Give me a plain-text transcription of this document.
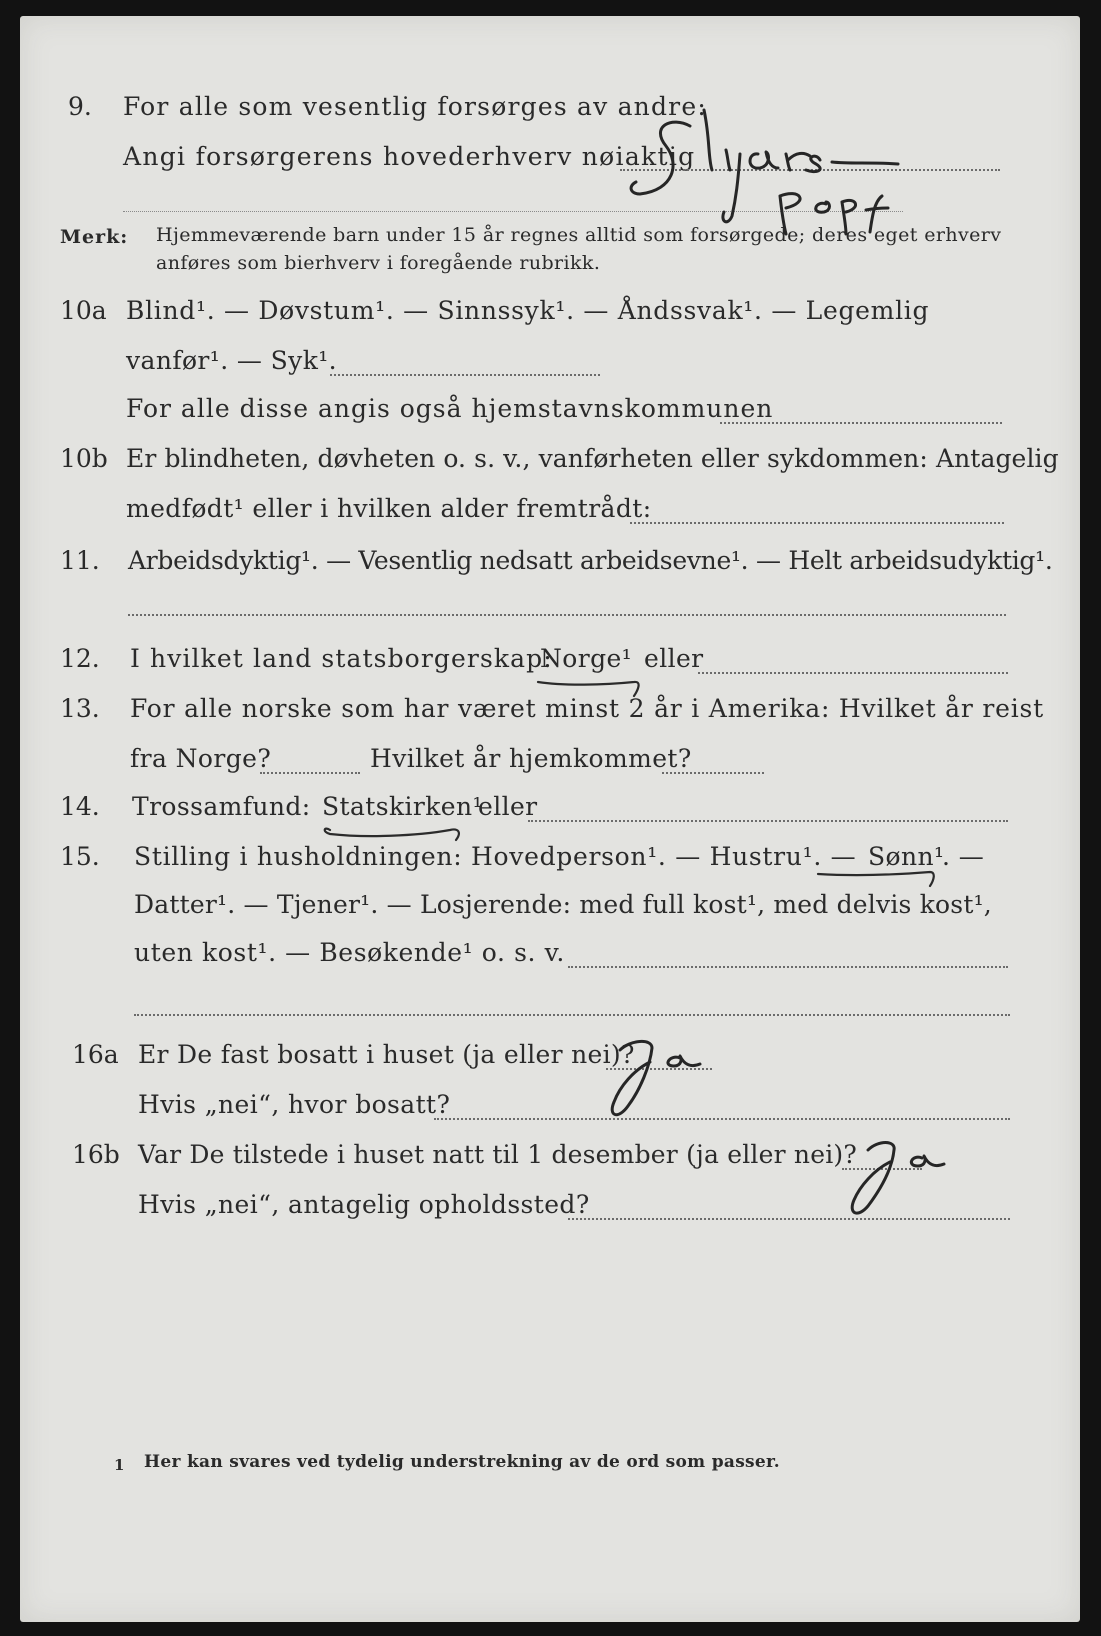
9. For alle som vesentlig forsørges av andre:
Angi forsørgerens hovederhverv nøiaktig
Merk: Hjemmeværende barn under 15 år regnes alltid som forsørgede; deres eget erhverv
anføres som bierhverv i foregående rubrikk.
10a Blind¹. — Døvstum¹. — Sinnssyk¹. — Åndssvak¹. — Legemlig
vanfør¹. — Syk¹.
For alle disse angis også hjemstavnskommunen
10b Er blindheten, døvheten o. s. v., vanførheten eller sykdommen: Antagelig
medfødt¹ eller i hvilken alder fremtrådt:
11. Arbeidsdyktig¹. — Vesentlig nedsatt arbeidsevne¹. — Helt arbeidsudyktig¹.
12. I hvilket land statsborgerskap:
Norge¹ eller
13. For alle norske som har været minst 2 år i Amerika: Hvilket år reist
fra Norge?	Hvilket år hjemkommet?
14. Trossamfund: Statskirken¹
eller
15. Stilling i husholdningen: Hovedperson¹. — Hustru¹. — Sønn¹
. —
Datter¹. — Tjener¹. — Losjerende: med full kost¹, med delvis kost¹,
uten kost¹. — Besøkende¹ o. s. v.
16a Er De fast bosatt i huset (ja eller nei)?
Hvis „nei“, hvor bosatt?
16b Var De tilstede i huset natt til 1 desember (ja eller nei)?
Hvis „nei“, antagelig opholdssted?
1 Her kan svares ved tydelig understrekning av de ord som passer.
